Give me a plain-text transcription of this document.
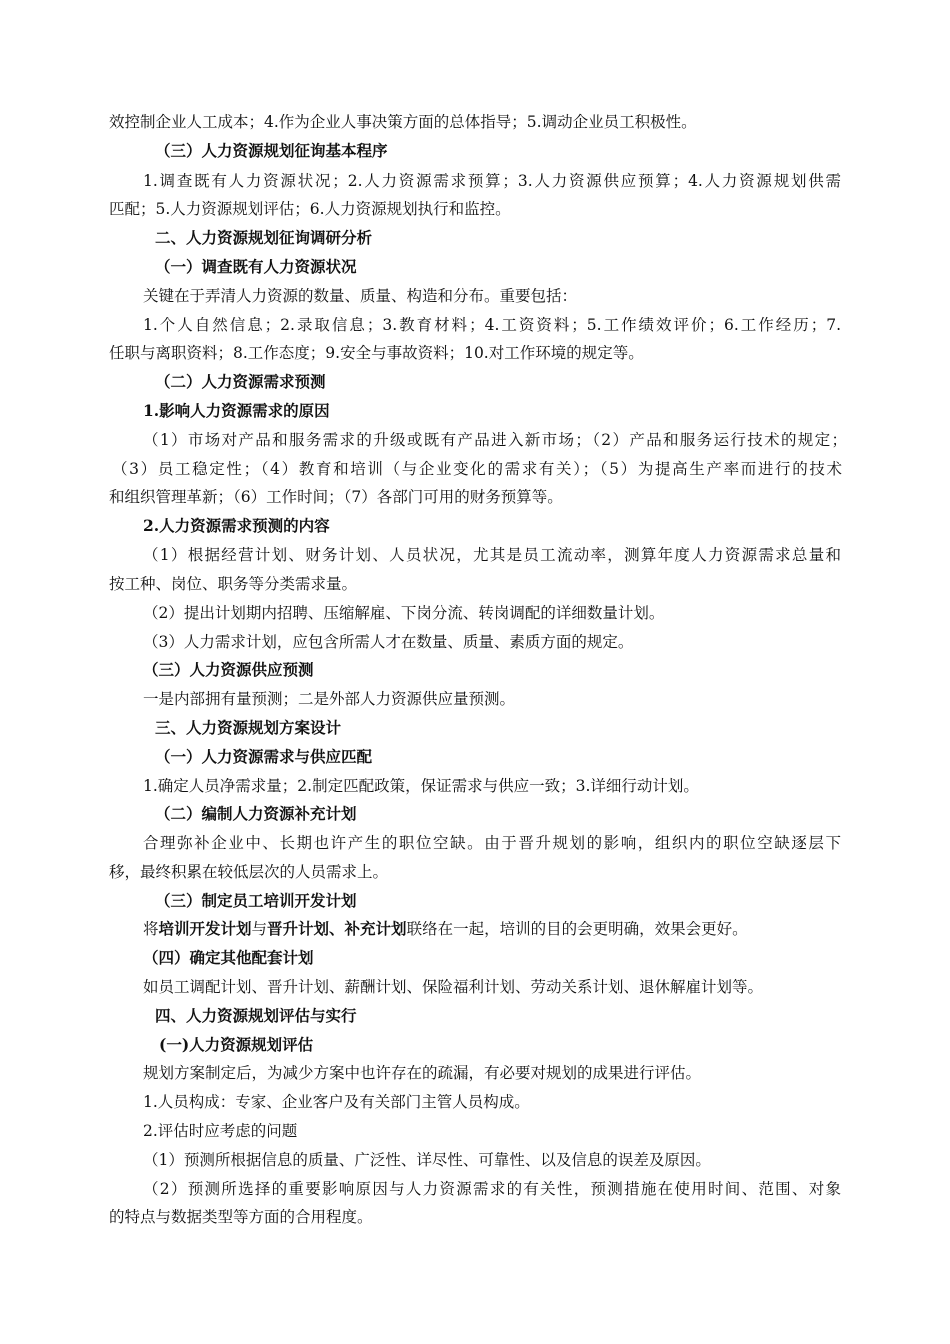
效控制企业人工成本；4.作为企业人事决策方面的总体指导；5.调动企业员工积极性。
（三）人力资源规划征询基本程序
1.调查既有人力资源状况；2.人力资源需求预算；3.人力资源供应预算；4.人力资源规划供需
匹配；5.人力资源规划评估；6.人力资源规划执行和监控。
二、人力资源规划征询调研分析
（一）调查既有人力资源状况
关键在于弄清人力资源的数量、质量、构造和分布。重要包括：
1.个人自然信息；2.录取信息；3.教育材料；4.工资资料；5.工作绩效评价；6.工作经历；7.
任职与离职资料；8.工作态度；9.安全与事故资料；10.对工作环境的规定等。
（二）人力资源需求预测
1.影响人力资源需求的原因
（1）市场对产品和服务需求的升级或既有产品进入新市场；（2）产品和服务运行技术的规定；
（3）员工稳定性；（4）教育和培训（与企业变化的需求有关）；（5）为提高生产率而进行的技术
和组织管理革新；（6）工作时间；（7）各部门可用的财务预算等。
2.人力资源需求预测的内容
（1）根据经营计划、财务计划、人员状况，尤其是员工流动率，测算年度人力资源需求总量和
按工种、岗位、职务等分类需求量。
（2）提出计划期内招聘、压缩解雇、下岗分流、转岗调配的详细数量计划。
（3）人力需求计划，应包含所需人才在数量、质量、素质方面的规定。
（三）人力资源供应预测
一是内部拥有量预测；二是外部人力资源供应量预测。
三、人力资源规划方案设计
（一）人力资源需求与供应匹配
1.确定人员净需求量；2.制定匹配政策，保证需求与供应一致；3.详细行动计划。
（二）编制人力资源补充计划
合理弥补企业中、长期也许产生的职位空缺。由于晋升规划的影响，组织内的职位空缺逐层下
移，最终积累在较低层次的人员需求上。
（三）制定员工培训开发计划
将培训开发计划与晋升计划、补充计划联络在一起，培训的目的会更明确，效果会更好。
（四）确定其他配套计划
如员工调配计划、晋升计划、薪酬计划、保险福利计划、劳动关系计划、退休解雇计划等。
四、人力资源规划评估与实行
(一)人力资源规划评估
规划方案制定后，为减少方案中也许存在的疏漏，有必要对规划的成果进行评估。
1.人员构成：专家、企业客户及有关部门主管人员构成。
2.评估时应考虑的问题
（1）预测所根据信息的质量、广泛性、详尽性、可靠性、以及信息的误差及原因。
（2）预测所选择的重要影响原因与人力资源需求的有关性，预测措施在使用时间、范围、对象
的特点与数据类型等方面的合用程度。
